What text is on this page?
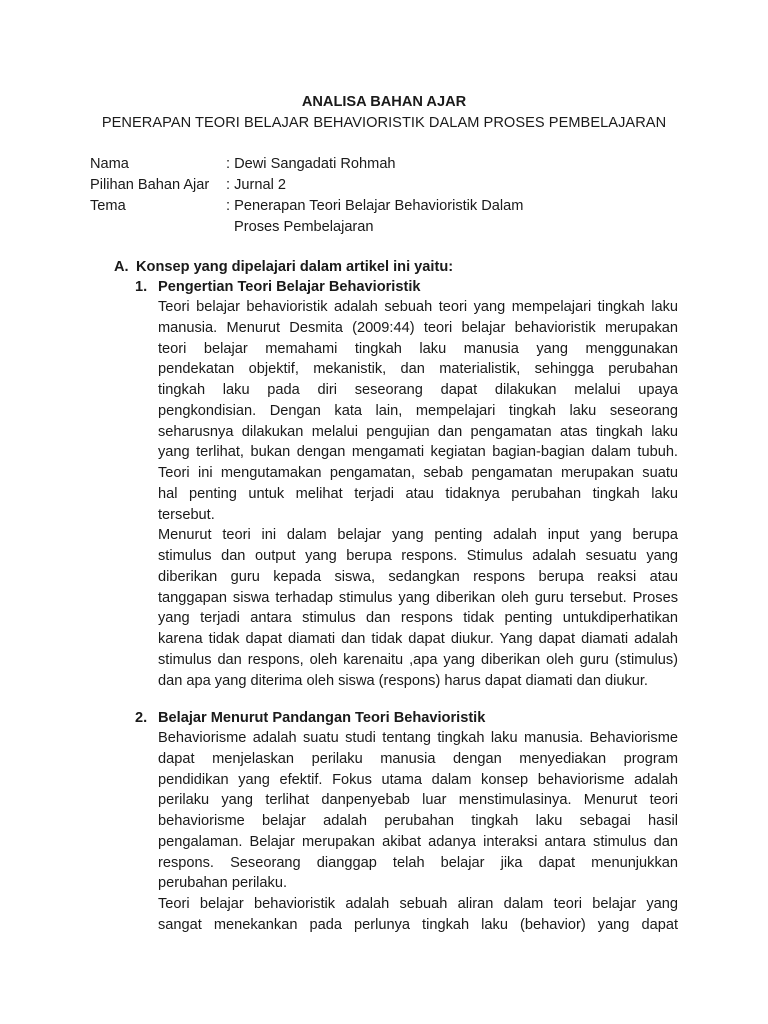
ANALISA BAHAN AJAR
PENERAPAN TEORI BELAJAR BEHAVIORISTIK DALAM PROSES PEMBELAJARAN
Nama	: Dewi Sangadati Rohmah
Pilihan Bahan Ajar	: Jurnal 2
Tema	: Penerapan Teori Belajar Behavioristik Dalam
Proses Pembelajaran
A. Konsep yang dipelajari dalam artikel ini yaitu:
1. Pengertian Teori Belajar Behavioristik
Teori belajar behavioristik adalah sebuah teori yang mempelajari tingkah laku
manusia. Menurut Desmita (2009:44) teori belajar behavioristik merupakan
teori belajar memahami tingkah laku manusia yang menggunakan
pendekatan objektif, mekanistik, dan materialistik, sehingga perubahan
tingkah laku pada diri seseorang dapat dilakukan melalui upaya
pengkondisian. Dengan kata lain, mempelajari tingkah laku seseorang
seharusnya dilakukan melalui pengujian dan pengamatan atas tingkah laku
yang terlihat, bukan dengan mengamati kegiatan bagian-bagian dalam tubuh.
Teori ini mengutamakan pengamatan, sebab pengamatan merupakan suatu
hal penting untuk melihat terjadi atau tidaknya perubahan tingkah laku
tersebut.
Menurut teori ini dalam belajar yang penting adalah input yang berupa
stimulus dan output yang berupa respons. Stimulus adalah sesuatu yang
diberikan guru kepada siswa, sedangkan respons berupa reaksi atau
tanggapan siswa terhadap stimulus yang diberikan oleh guru tersebut. Proses
yang terjadi antara stimulus dan respons tidak penting untukdiperhatikan
karena tidak dapat diamati dan tidak dapat diukur. Yang dapat diamati adalah
stimulus dan respons, oleh karenaitu ,apa yang diberikan oleh guru (stimulus)
dan apa yang diterima oleh siswa (respons) harus dapat diamati dan diukur.
2. Belajar Menurut Pandangan Teori Behavioristik
Behaviorisme adalah suatu studi tentang tingkah laku manusia. Behaviorisme
dapat menjelaskan perilaku manusia dengan menyediakan program
pendidikan yang efektif. Fokus utama dalam konsep behaviorisme adalah
perilaku yang terlihat danpenyebab luar menstimulasinya. Menurut teori
behaviorisme belajar adalah perubahan tingkah laku sebagai hasil
pengalaman. Belajar merupakan akibat adanya interaksi antara stimulus dan
respons. Seseorang dianggap telah belajar jika dapat menunjukkan
perubahan perilaku.
Teori belajar behavioristik adalah sebuah aliran dalam teori belajar yang
sangat menekankan pada perlunya tingkah laku (behavior) yang dapat
